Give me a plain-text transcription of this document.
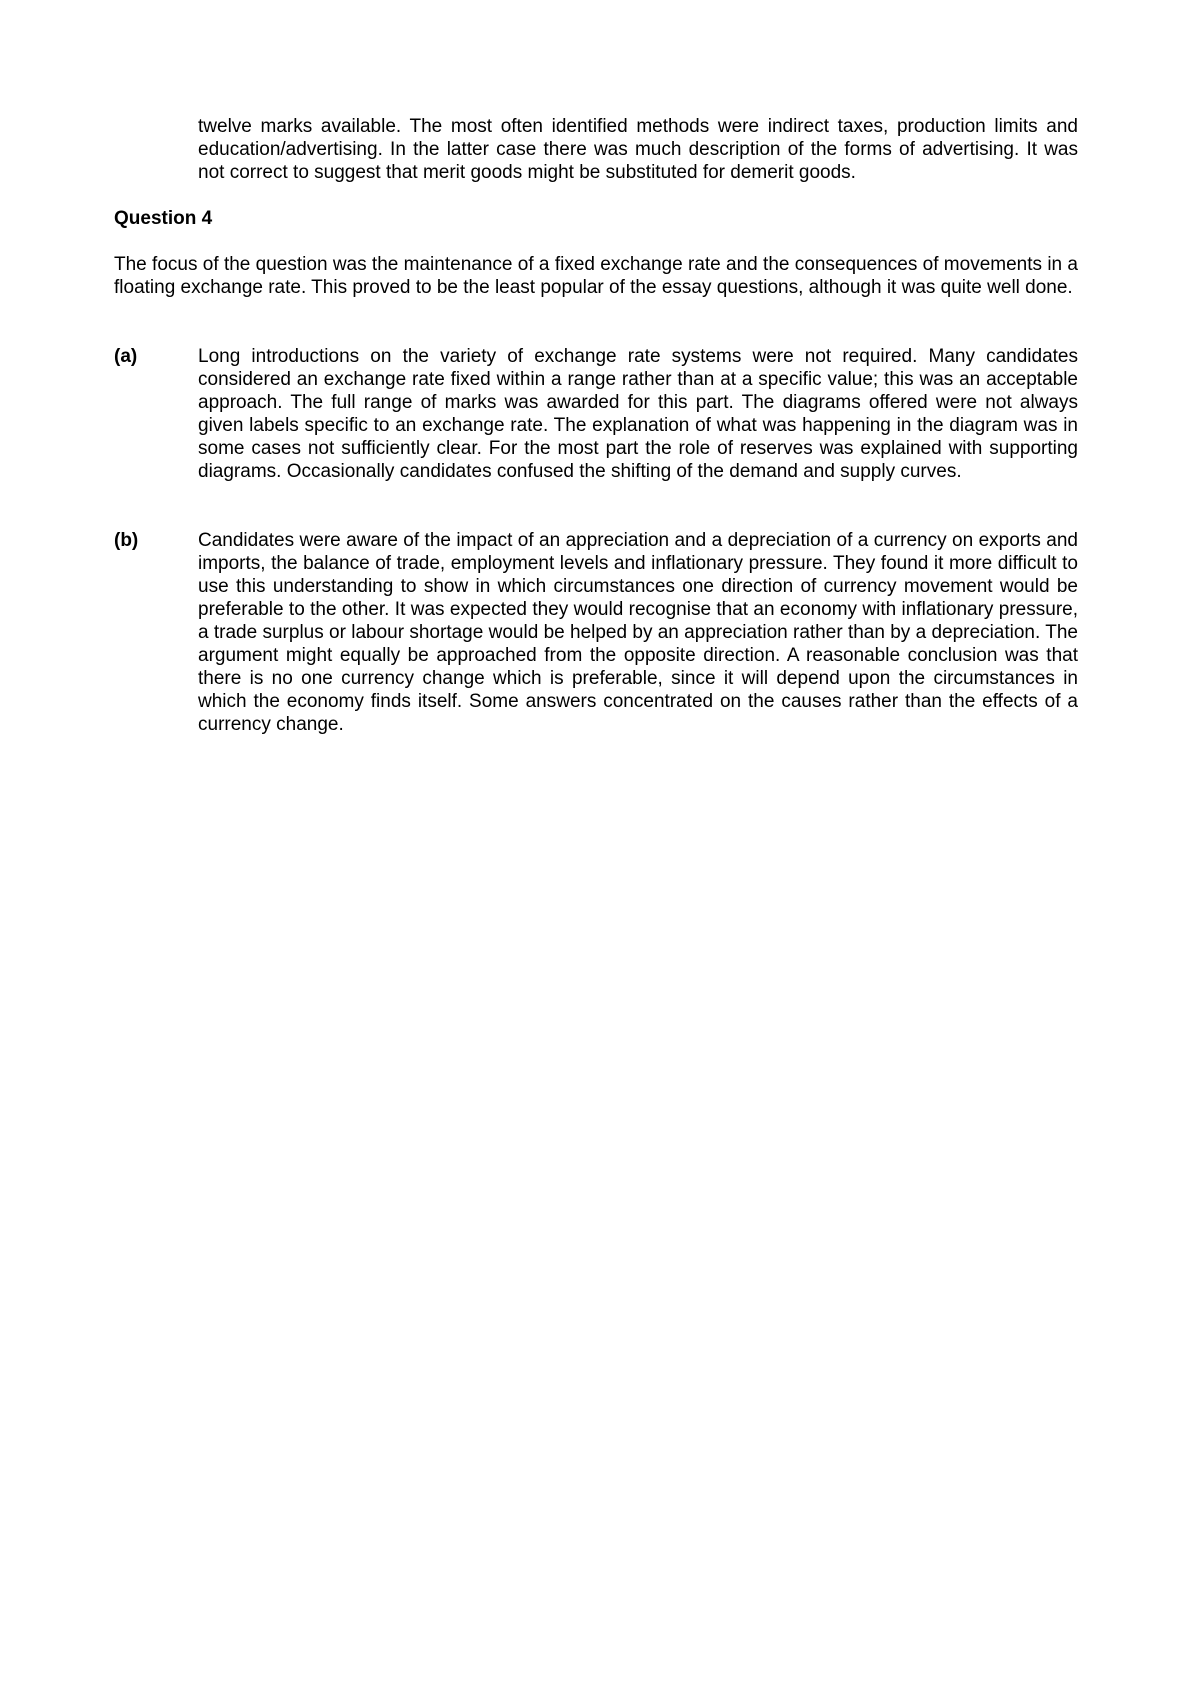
twelve marks available. The most often identified methods were indirect taxes, production limits and education/advertising. In the latter case there was much description of the forms of advertising. It was not correct to suggest that merit goods might be substituted for demerit goods.

Question 4

The focus of the question was the maintenance of a fixed exchange rate and the consequences of movements in a floating exchange rate. This proved to be the least popular of the essay questions, although it was quite well done.

(a)	Long introductions on the variety of exchange rate systems were not required. Many candidates considered an exchange rate fixed within a range rather than at a specific value; this was an acceptable approach. The full range of marks was awarded for this part. The diagrams offered were not always given labels specific to an exchange rate. The explanation of what was happening in the diagram was in some cases not sufficiently clear. For the most part the role of reserves was explained with supporting diagrams. Occasionally candidates confused the shifting of the demand and supply curves.

(b)	Candidates were aware of the impact of an appreciation and a depreciation of a currency on exports and imports, the balance of trade, employment levels and inflationary pressure. They found it more difficult to use this understanding to show in which circumstances one direction of currency movement would be preferable to the other. It was expected they would recognise that an economy with inflationary pressure, a trade surplus or labour shortage would be helped by an appreciation rather than by a depreciation. The argument might equally be approached from the opposite direction. A reasonable conclusion was that there is no one currency change which is preferable, since it will depend upon the circumstances in which the economy finds itself. Some answers concentrated on the causes rather than the effects of a currency change.
